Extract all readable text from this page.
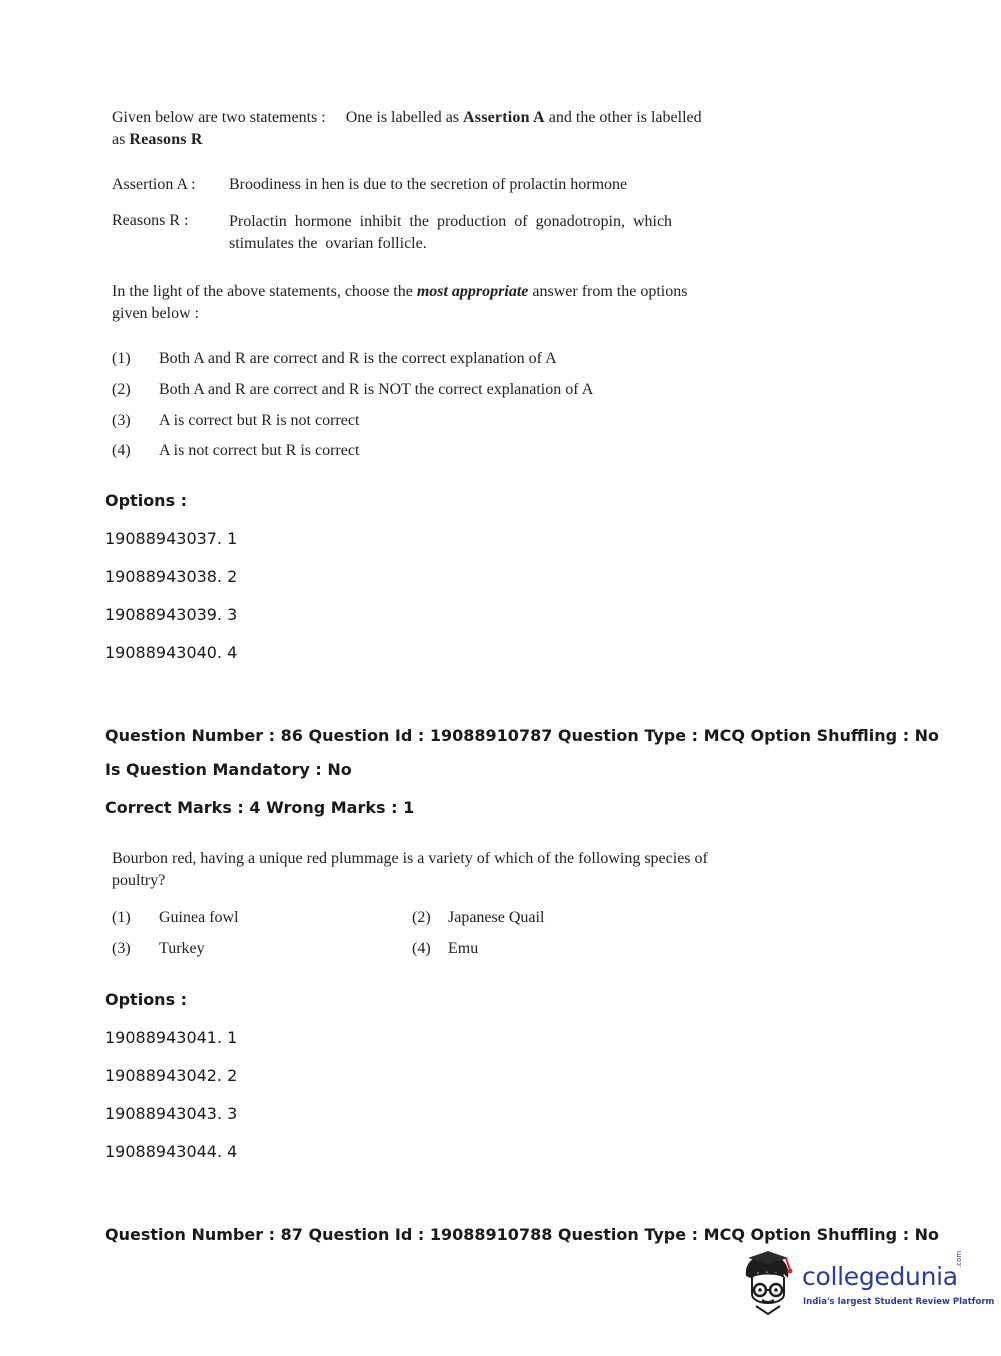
Given below are two statements : One is labelled as Assertion A and the other is labelled
as Reasons R
Assertion A : Broodiness in hen is due to the secretion of prolactin hormone
Reasons R :	Prolactin  hormone  inhibit  the  production  of  gonadotropin,  which
stimulates the  ovarian follicle.
In the light of the above statements, choose the most appropriate answer from the options
given below :
(1)	Both A and R are correct and R is the correct explanation of A
(2)	Both A and R are correct and R is NOT the correct explanation of A
(3)	A is correct but R is not correct
(4)	A is not correct but R is correct
Options :
19088943037. 1
19088943038. 2
19088943039. 3
19088943040. 4
Question Number : 86 Question Id : 19088910787 Question Type : MCQ Option Shuffling : No
Is Question Mandatory : No
Correct Marks : 4 Wrong Marks : 1
Bourbon red, having a unique red plummage is a variety of which of the following species of
poultry?
(1)	Guinea fowl	(2)	Japanese Quail
(3)	Turkey	(4)	Emu
Options :
19088943041. 1
19088943042. 2
19088943043. 3
19088943044. 4
Question Number : 87 Question Id : 19088910788 Question Type : MCQ Option Shuffling : No
collegedunia
.com
India's largest Student Review Platform
